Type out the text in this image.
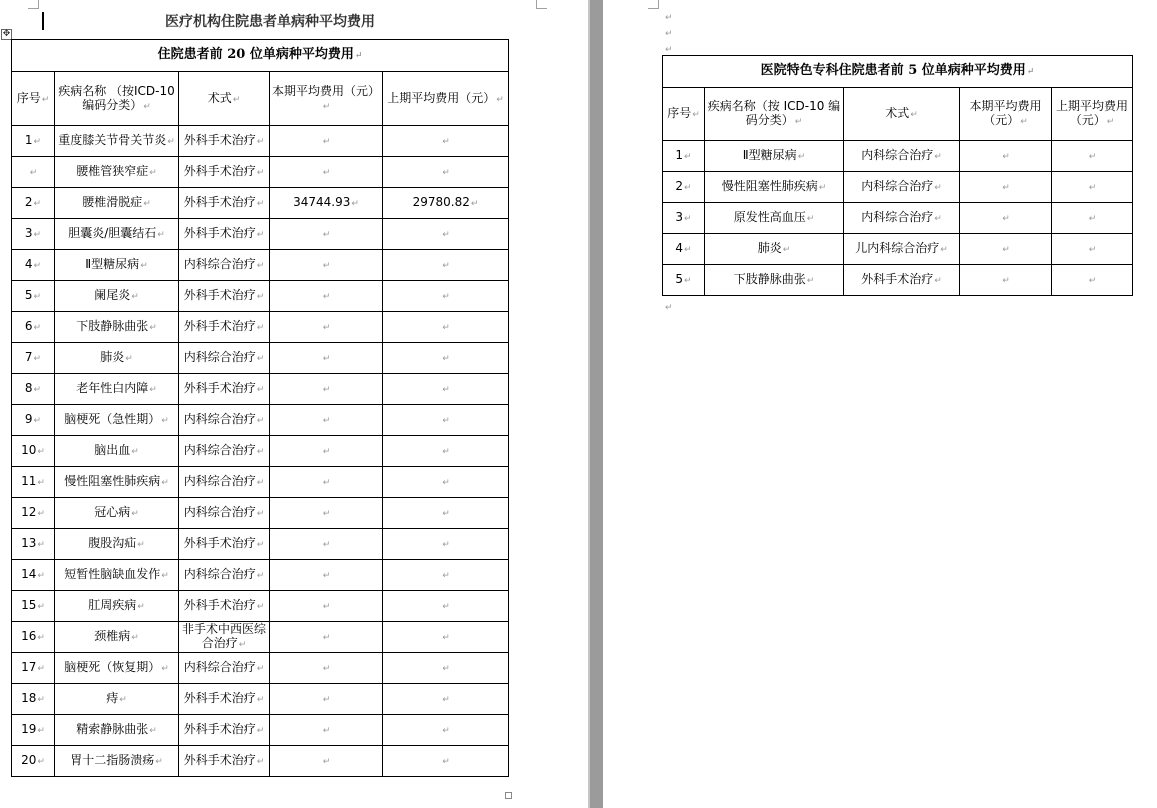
医疗机构住院患者单病种平均费用
✥
住院患者前 20 位单病种平均费用↵				
序号↵	疾病名称 （按ICD-10 编码分类）↵	术式↵	本期平均费用（元）↵	上期平均费用（元）↵
1↵	重度膝关节骨关节炎↵	外科手术治疗↵	↵	↵
↵	腰椎管狭窄症↵	外科手术治疗↵	↵	↵
2↵	腰椎滑脱症↵	外科手术治疗↵	34744.93↵	29780.82↵
3↵	胆囊炎/胆囊结石↵	外科手术治疗↵	↵	↵
4↵	Ⅱ型糖尿病↵	内科综合治疗↵	↵	↵
5↵	阑尾炎↵	外科手术治疗↵	↵	↵
6↵	下肢静脉曲张↵	外科手术治疗↵	↵	↵
7↵	肺炎↵	内科综合治疗↵	↵	↵
8↵	老年性白内障↵	外科手术治疗↵	↵	↵
9↵	脑梗死（急性期）↵	内科综合治疗↵	↵	↵
10↵	脑出血↵	内科综合治疗↵	↵	↵
11↵	慢性阻塞性肺疾病↵	内科综合治疗↵	↵	↵
12↵	冠心病↵	内科综合治疗↵	↵	↵
13↵	腹股沟疝↵	外科手术治疗↵	↵	↵
14↵	短暂性脑缺血发作↵	内科综合治疗↵	↵	↵
15↵	肛周疾病↵	外科手术治疗↵	↵	↵
16↵	颈椎病↵	非手术中西医综合治疗↵	↵	↵
17↵	脑梗死（恢复期）↵	内科综合治疗↵	↵	↵
18↵	痔↵	外科手术治疗↵	↵	↵
19↵	精索静脉曲张↵	外科手术治疗↵	↵	↵
20↵	胃十二指肠溃疡↵	外科手术治疗↵	↵	↵
↵
↵
↵
医院特色专科住院患者前 5 位单病种平均费用↵				
序号↵	疾病名称（按 ICD-10 编码分类）↵	术式↵	本期平均费用（元）↵	上期平均费用（元）↵
1↵	Ⅱ型糖尿病↵	内科综合治疗↵	↵	↵
2↵	慢性阻塞性肺疾病↵	内科综合治疗↵	↵	↵
3↵	原发性高血压↵	内科综合治疗↵	↵	↵
4↵	肺炎↵	儿内科综合治疗↵	↵	↵
5↵	下肢静脉曲张↵	外科手术治疗↵	↵	↵
↵
